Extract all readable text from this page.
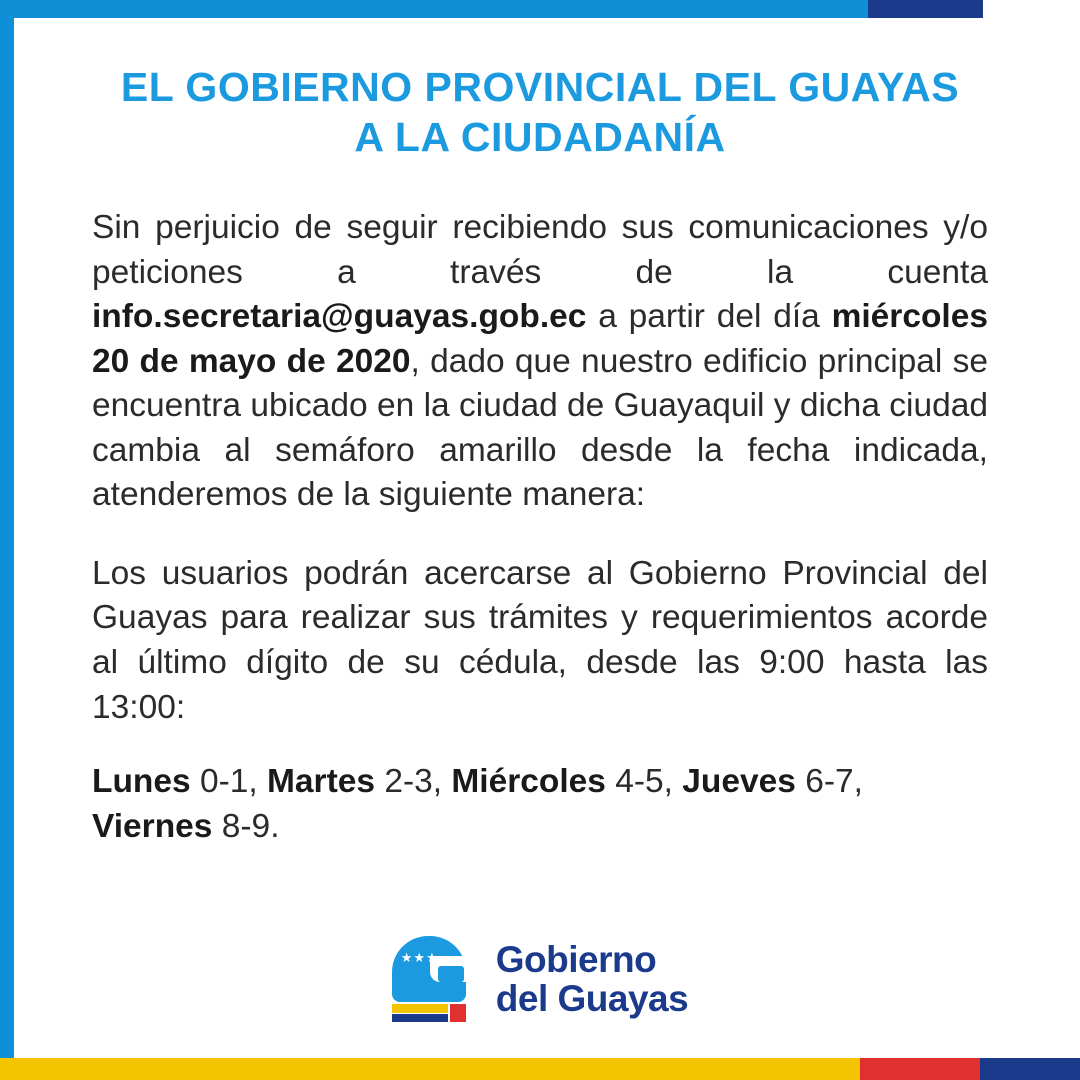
EL GOBIERNO PROVINCIAL DEL GUAYAS
A LA CIUDADANÍA

Sin perjuicio de seguir recibiendo sus comunicaciones y/o peticiones a través de la cuenta info.secretaria@guayas.gob.ec a partir del día miércoles 20 de mayo de 2020, dado que nuestro edificio principal se encuentra ubicado en la ciudad de Guayaquil y dicha ciudad cambia al semáforo amarillo desde la fecha indicada, atenderemos de la siguiente manera:

Los usuarios podrán acercarse al Gobierno Provincial del Guayas para realizar sus trámites y requerimientos acorde al último dígito de su cédula, desde las 9:00 hasta las 13:00:

Lunes 0-1, Martes 2-3, Miércoles 4-5, Jueves 6-7, Viernes 8-9.

★★★ Gobierno
del Guayas
